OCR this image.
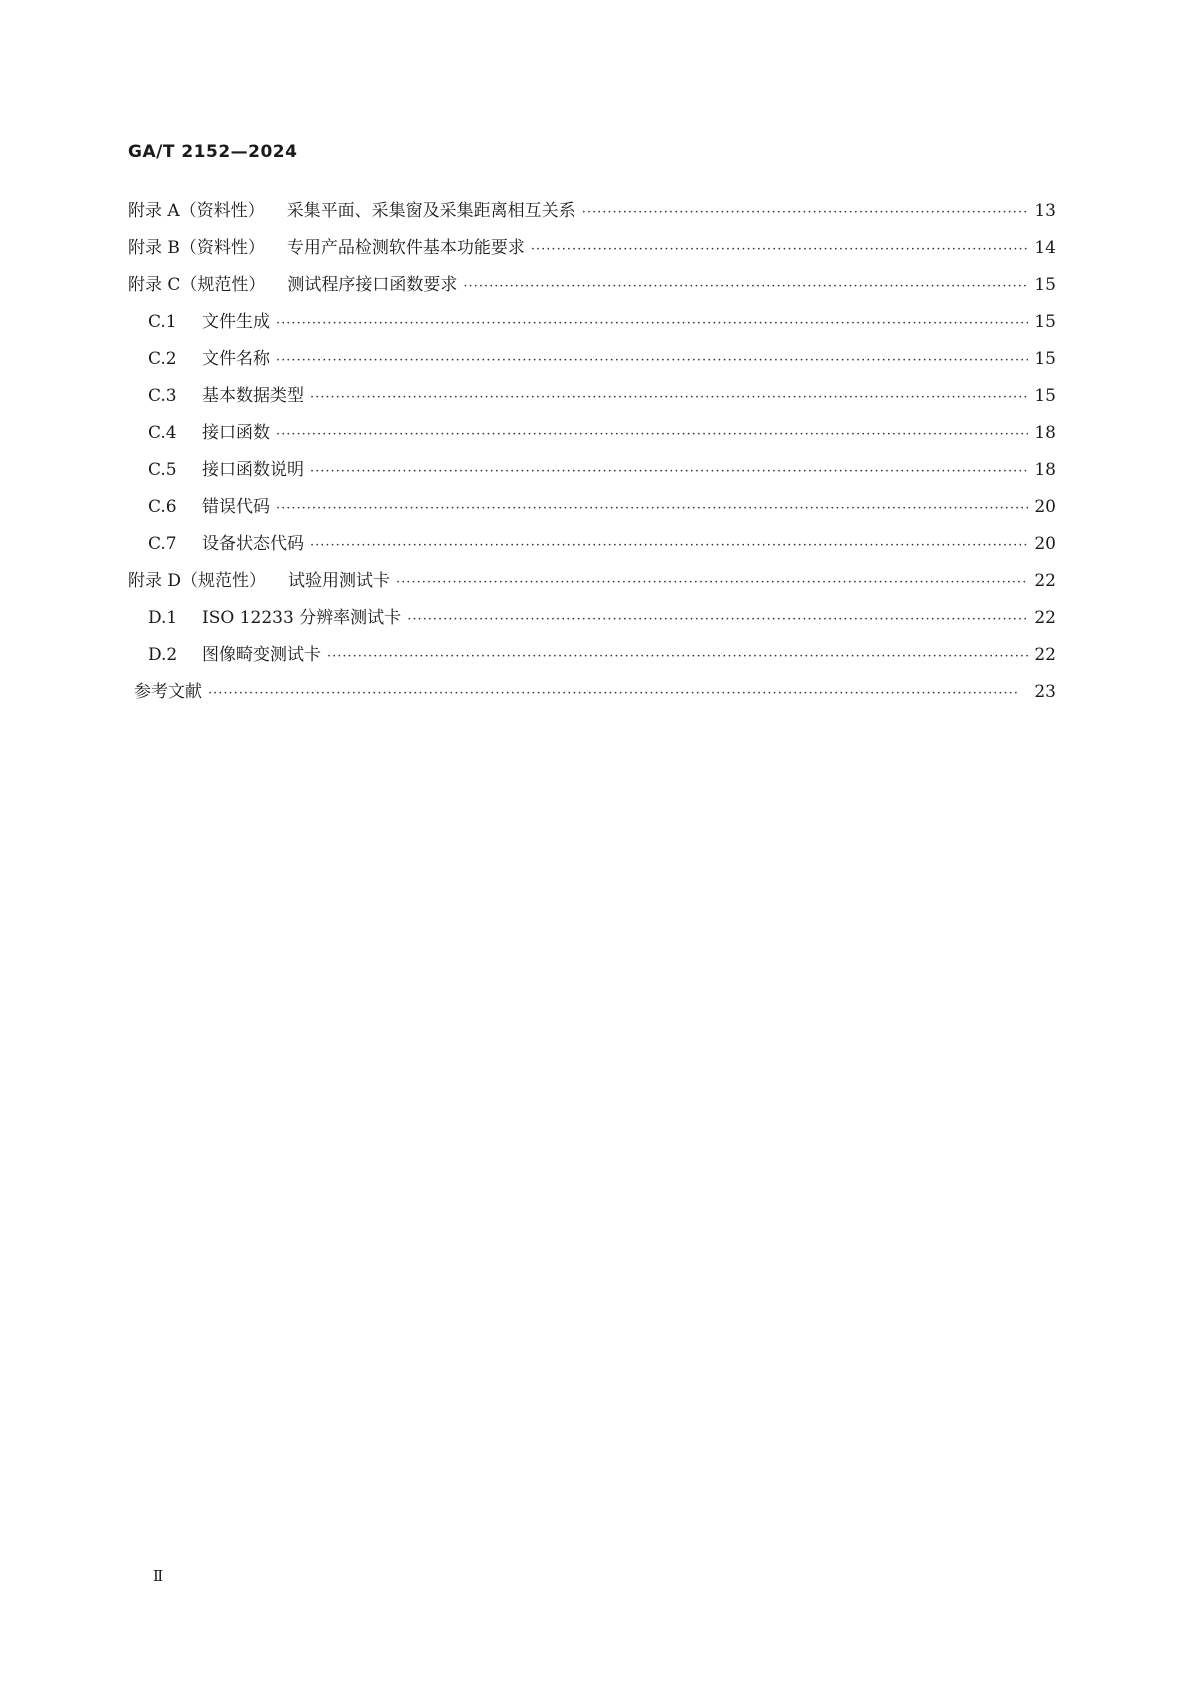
GA/T 2152—2024
附录 A（资料性） 采集平面、采集窗及采集距离相互关系 ·····	13
附录 B（资料性） 专用产品检测软件基本功能要求 ·····	14
附录 C（规范性） 测试程序接口函数要求 ·····	15
C.1	文件生成 ·····	15
C.2	文件名称 ·····	15
C.3	基本数据类型 ·····	15
C.4	接口函数 ·····	18
C.5	接口函数说明 ·····	18
C.6	错误代码 ·····	20
C.7	设备状态代码 ·····	20
附录 D（规范性） 试验用测试卡 ·····	22
D.1	ISO 12233 分辨率测试卡 ·····	22
D.2	图像畸变测试卡 ·····	22
参考文献 ·····	23
Ⅱ
